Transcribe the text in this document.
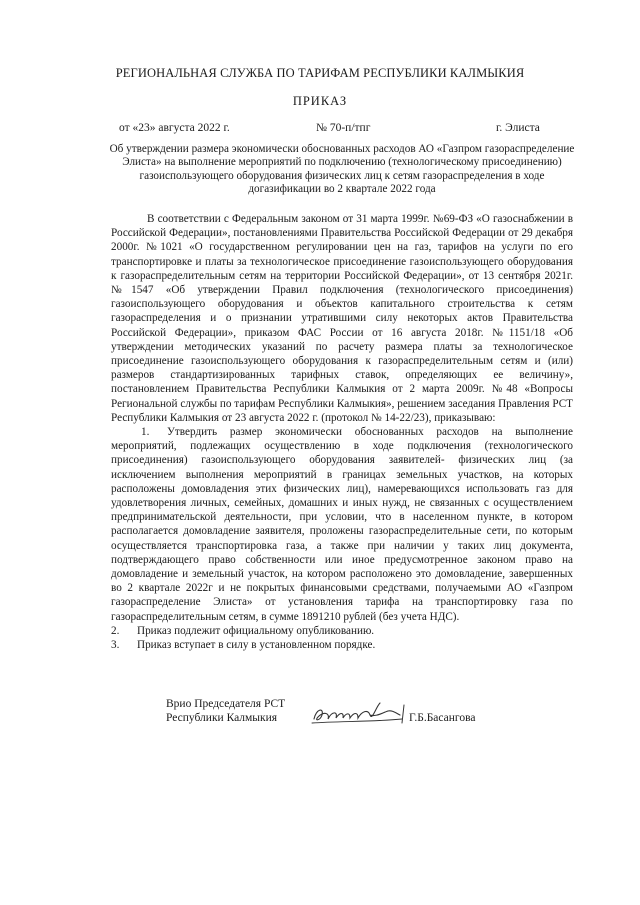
РЕГИОНАЛЬНАЯ СЛУЖБА ПО ТАРИФАМ РЕСПУБЛИКИ КАЛМЫКИЯ
ПРИКАЗ
от «23» августа 2022 г.	№ 70-п/тпг	г. Элиста
Об утверждении размера экономически обоснованных расходов АО «Газпром газораспределение Элиста» на выполнение мероприятий по подключению (технологическому присоединению) газоиспользующего оборудования физических лиц к сетям газораспределения в ходе догазификации во 2 квартале 2022 года

В соответствии с Федеральным законом от 31 марта 1999г. №69-ФЗ «О газоснабжении в Российской Федерации», постановлениями Правительства Российской Федерации от 29 декабря 2000г. №1021 «О государственном регулировании цен на газ, тарифов на услуги по его транспортировке и платы за технологическое присоединение газоиспользующего оборудования к газораспределительным сетям на территории Российской Федерации», от 13 сентября 2021г. №1547 «Об утверждении Правил подключения (технологического присоединения) газоиспользующего оборудования и объектов капитального строительства к сетям газораспределения и о признании утратившими силу некоторых актов Правительства Российской Федерации», приказом ФАС России от 16 августа 2018г. №1151/18 «Об утверждении методических указаний по расчету размера платы за технологическое присоединение газоиспользующего оборудования к газораспределительным сетям и (или) размеров стандартизированных тарифных ставок, определяющих ее величину», постановлением Правительства Республики Калмыкия от 2 марта 2009г. №48 «Вопросы Региональной службы по тарифам Республики Калмыкия», решением заседания Правления РСТ Республики Калмыкия от 23 августа 2022 г. (протокол № 14-22/23), приказываю:

1. Утвердить размер экономически обоснованных расходов на выполнение мероприятий, подлежащих осуществлению в ходе подключения (технологического присоединения) газоиспользующего оборудования заявителей- физических лиц (за исключением выполнения мероприятий в границах земельных участков, на которых расположены домовладения этих физических лиц), намеревающихся использовать газ для удовлетворения личных, семейных, домашних и иных нужд, не связанных с осуществлением предпринимательской деятельности, при условии, что в населенном пункте, в котором располагается домовладение заявителя, проложены газораспределительные сети, по которым осуществляется транспортировка газа, а также при наличии у таких лиц документа, подтверждающего право собственности или иное предусмотренное законом право на домовладение и земельный участок, на котором расположено это домовладение, завершенных во 2 квартале 2022г и не покрытых финансовыми средствами, получаемыми АО «Газпром газораспределение Элиста» от установления тарифа на транспортировку газа по газораспределительным сетям, в сумме 1891210 рублей (без учета НДС).

2. Приказ подлежит официальному опубликованию.

3. Приказ вступает в силу в установленном порядке.

Врио Председателя РСТ
Республики Калмыкия	Г.Б.Басангова
